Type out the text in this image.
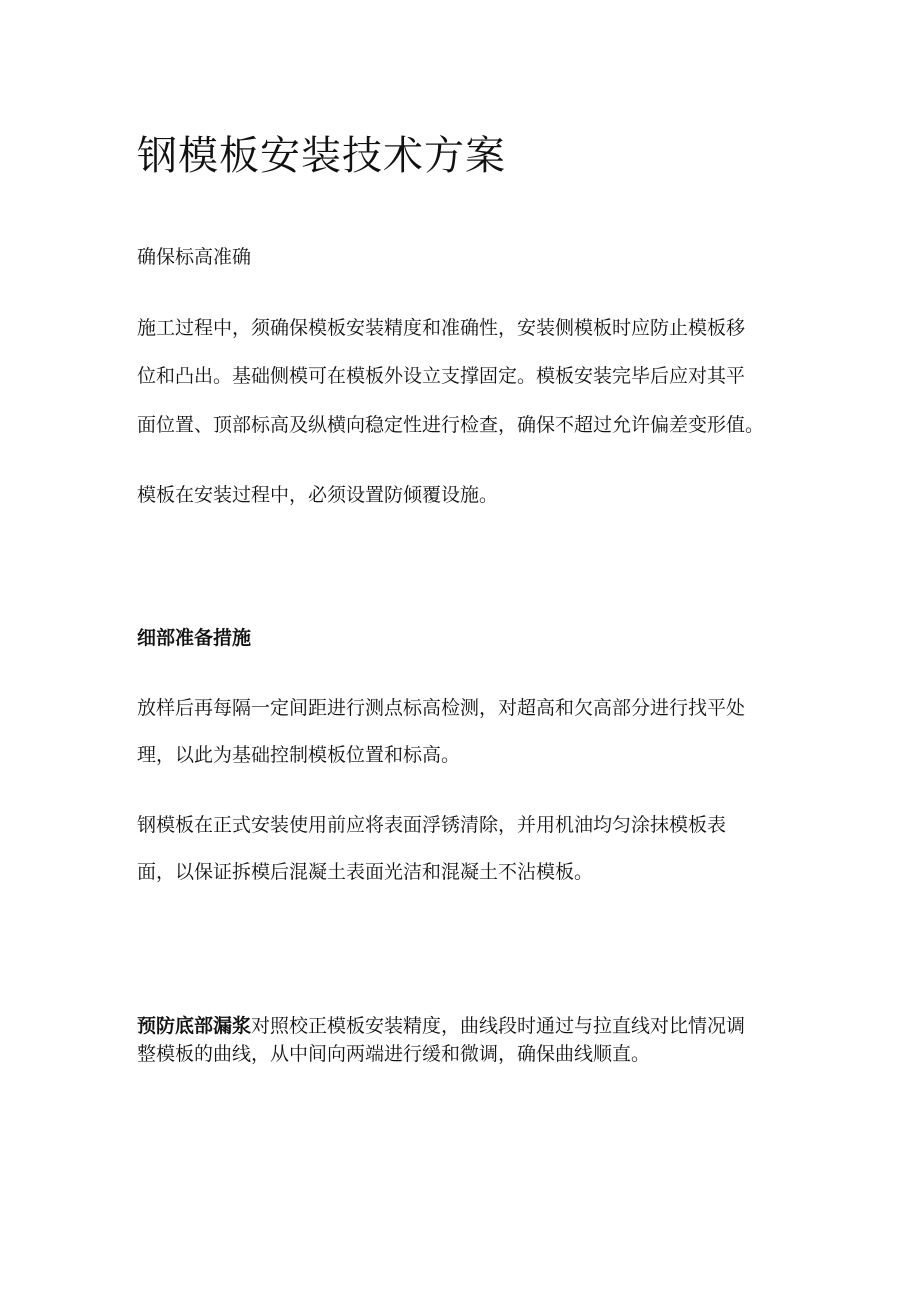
钢模板安装技术方案

确保标高准确

施工过程中，须确保模板安装精度和准确性，安装侧模板时应防止模板移

位和凸出。基础侧模可在模板外设立支撑固定。模板安装完毕后应对其平

面位置、顶部标高及纵横向稳定性进行检查，确保不超过允许偏差变形值。

模板在安装过程中，必须设置防倾覆设施。

细部准备措施

放样后再每隔一定间距进行测点标高检测，对超高和欠高部分进行找平处

理，以此为基础控制模板位置和标高。

钢模板在正式安装使用前应将表面浮锈清除，并用机油均匀涂抹模板表

面，以保证拆模后混凝土表面光洁和混凝土不沾模板。

预防底部漏浆对照校正模板安装精度，曲线段时通过与拉直线对比情况调

整模板的曲线，从中间向两端进行缓和微调，确保曲线顺直。
